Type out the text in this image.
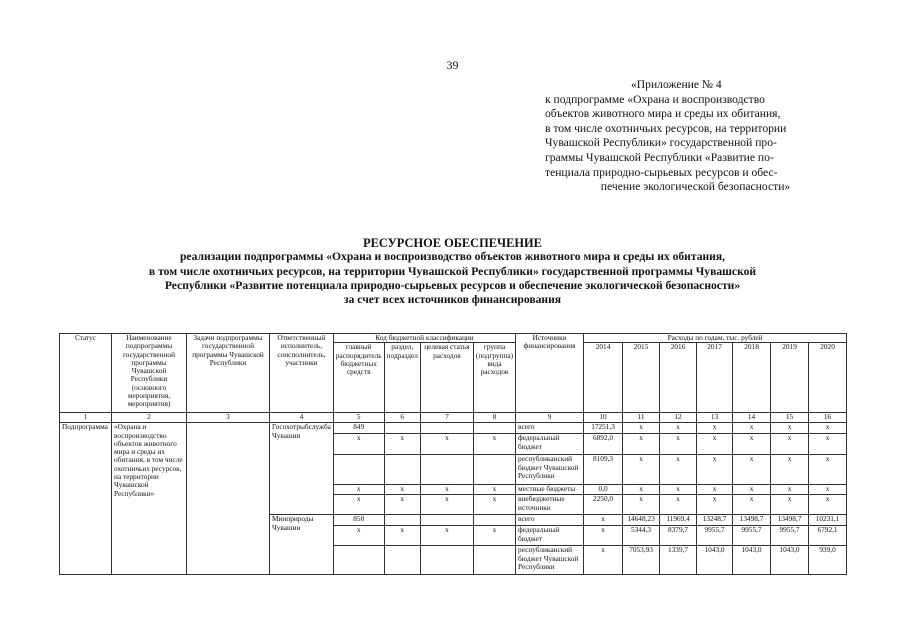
39
«Приложение № 4
к подпрограмме «Охрана и воспроизводство
объектов животного мира и среды их обитания,
в том числе охотничьих ресурсов, на территории
Чувашской Республики» государственной про-
граммы Чувашской Республики «Развитие по-
тенциала природно-сырьевых ресурсов и обес-
печение экологической безопасности»
РЕСУРСНОЕ ОБЕСПЕЧЕНИЕ
реализации подпрограммы «Охрана и воспроизводство объектов животного мира и среды их обитания,
в том числе охотничьих ресурсов, на территории Чувашской Республики» государственной программы Чувашской
Республики «Развитие потенциала природно-сырьевых ресурсов и обеспечение экологической безопасности»
за счет всех источников финансирования
Статус	Наименование подпрограммы государственной программы Чувашской Республики (основного мероприятия, мероприятия)	Задачи подпрограммы государственной программы Чувашской Республики	Ответственный исполнитель, соисполнитель, участники	Код бюджетной классификации				Источники финансирования	Расходы по годам, тыс. рублей						
				главный распорядитель бюджетных средств	раздел, подраздел	целевая статья расходов	группа (подгруппа) вида расходов		2014	2015	2016	2017	2018	2019	2020
1	2	3	4	5	6	7	8	9	10	11	12	13	14	15	16
Подпрограмма	«Охрана и воспроизводство объектов животного мира и среды их обитания, в том числе охотничьих ресурсов, на территории Чувашской Республики»		Госохотрыбслужба Чувашии	849				всего	17251,3	x	x	x	x	x	x
				x	x	x	x	федеральный бюджет	6892,0	x	x	x	x	x	x
								республиканский бюджет Чувашской Республики	8109,3	x	x	x	x	x	x
				x	x	x	x	местные бюджеты	0,0	x	x	x	x	x	x
				x	x	x	x	внебюджетные источники	2250,0	x	x	x	x	x	x
			Минприроды Чувашии	850				всего	x	14648,23	11969,4	13248,7	13498,7	13498,7	10231,1
				x	x	x	x	федеральный бюджет	x	5344,3	8379,7	9955,7	9955,7	9955,7	6792,1
								республиканский бюджет Чувашской Республики	x	7053,93	1339,7	1043,0	1043,0	1043,0	939,0
